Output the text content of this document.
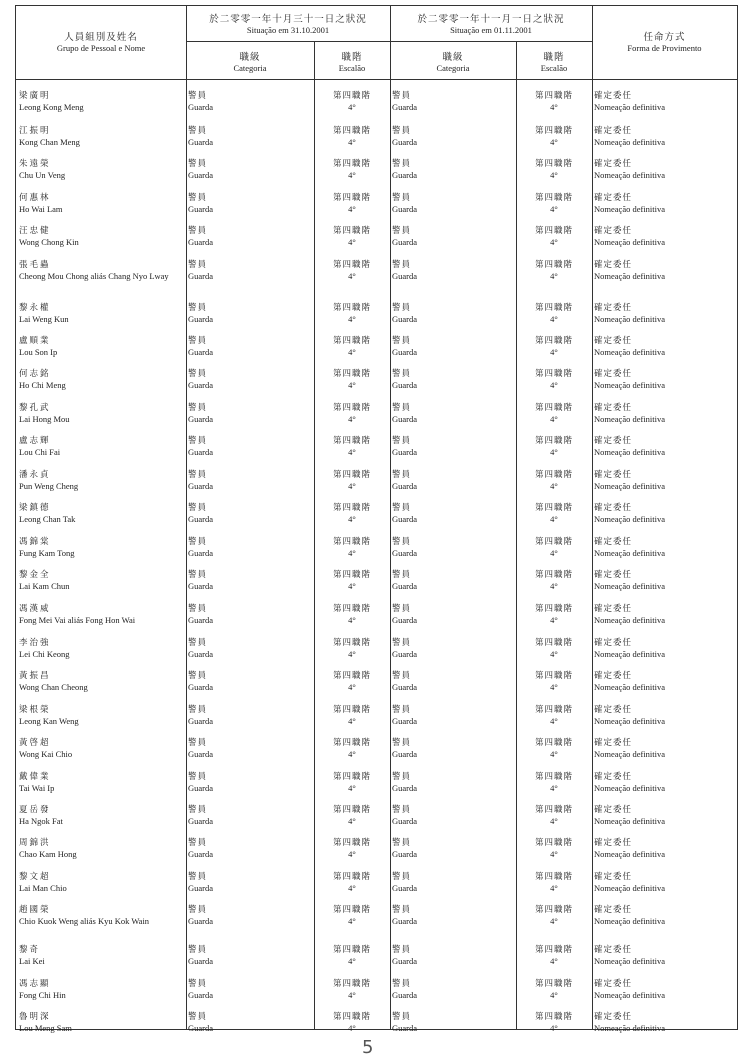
人員組別及姓名
Grupo de Pessoal e Nome
於二零零一年十月三十一日之狀況
Situação em 31.10.2001
於二零零一年十一月一日之狀況
Situação em 01.11.2001
任命方式
Forma de Provimento
職級
Categoria
職階
Escalão
職級
Categoria
職階
Escalão
梁廣明
Leong Kong Meng
警員
Guarda
第四職階
4°
警員
Guarda
第四職階
4°
確定委任
Nomeação definitiva
江振明
Kong Chan Meng
警員
Guarda
第四職階
4°
警員
Guarda
第四職階
4°
確定委任
Nomeação definitiva
朱遠榮
Chu Un Veng
警員
Guarda
第四職階
4°
警員
Guarda
第四職階
4°
確定委任
Nomeação definitiva
何惠林
Ho Wai Lam
警員
Guarda
第四職階
4°
警員
Guarda
第四職階
4°
確定委任
Nomeação definitiva
汪忠健
Wong Chong Kin
警員
Guarda
第四職階
4°
警員
Guarda
第四職階
4°
確定委任
Nomeação definitiva
張毛蟲
Cheong Mou Chong aliás Chang Nyo Lway
警員
Guarda
第四職階
4°
警員
Guarda
第四職階
4°
確定委任
Nomeação definitiva
黎永權
Lai Weng Kun
警員
Guarda
第四職階
4°
警員
Guarda
第四職階
4°
確定委任
Nomeação definitiva
盧順業
Lou Son Ip
警員
Guarda
第四職階
4°
警員
Guarda
第四職階
4°
確定委任
Nomeação definitiva
何志銘
Ho Chi Meng
警員
Guarda
第四職階
4°
警員
Guarda
第四職階
4°
確定委任
Nomeação definitiva
黎孔武
Lai Hong Mou
警員
Guarda
第四職階
4°
警員
Guarda
第四職階
4°
確定委任
Nomeação definitiva
盧志輝
Lou Chi Fai
警員
Guarda
第四職階
4°
警員
Guarda
第四職階
4°
確定委任
Nomeação definitiva
潘永貞
Pun Weng Cheng
警員
Guarda
第四職階
4°
警員
Guarda
第四職階
4°
確定委任
Nomeação definitiva
梁鎮德
Leong Chan Tak
警員
Guarda
第四職階
4°
警員
Guarda
第四職階
4°
確定委任
Nomeação definitiva
馮錦棠
Fung Kam Tong
警員
Guarda
第四職階
4°
警員
Guarda
第四職階
4°
確定委任
Nomeação definitiva
黎金全
Lai Kam Chun
警員
Guarda
第四職階
4°
警員
Guarda
第四職階
4°
確定委任
Nomeação definitiva
馮漢威
Fong Mei Vai aliás Fong Hon Wai
警員
Guarda
第四職階
4°
警員
Guarda
第四職階
4°
確定委任
Nomeação definitiva
李治強
Lei Chi Keong
警員
Guarda
第四職階
4°
警員
Guarda
第四職階
4°
確定委任
Nomeação definitiva
黃振昌
Wong Chan Cheong
警員
Guarda
第四職階
4°
警員
Guarda
第四職階
4°
確定委任
Nomeação definitiva
梁根榮
Leong Kan Weng
警員
Guarda
第四職階
4°
警員
Guarda
第四職階
4°
確定委任
Nomeação definitiva
黃啓超
Wong Kai Chio
警員
Guarda
第四職階
4°
警員
Guarda
第四職階
4°
確定委任
Nomeação definitiva
戴偉業
Tai Wai Ip
警員
Guarda
第四職階
4°
警員
Guarda
第四職階
4°
確定委任
Nomeação definitiva
夏岳發
Ha Ngok Fat
警員
Guarda
第四職階
4°
警員
Guarda
第四職階
4°
確定委任
Nomeação definitiva
周錦洪
Chao Kam Hong
警員
Guarda
第四職階
4°
警員
Guarda
第四職階
4°
確定委任
Nomeação definitiva
黎文超
Lai Man Chio
警員
Guarda
第四職階
4°
警員
Guarda
第四職階
4°
確定委任
Nomeação definitiva
趙國榮
Chio Kuok Weng aliás Kyu Kok Wain
警員
Guarda
第四職階
4°
警員
Guarda
第四職階
4°
確定委任
Nomeação definitiva
黎奇
Lai Kei
警員
Guarda
第四職階
4°
警員
Guarda
第四職階
4°
確定委任
Nomeação definitiva
馮志顯
Fong Chi Hin
警員
Guarda
第四職階
4°
警員
Guarda
第四職階
4°
確定委任
Nomeação definitiva
魯明深
Lou Meng Sam
警員
Guarda
第四職階
4°
警員
Guarda
第四職階
4°
確定委任
Nomeação definitiva
5
